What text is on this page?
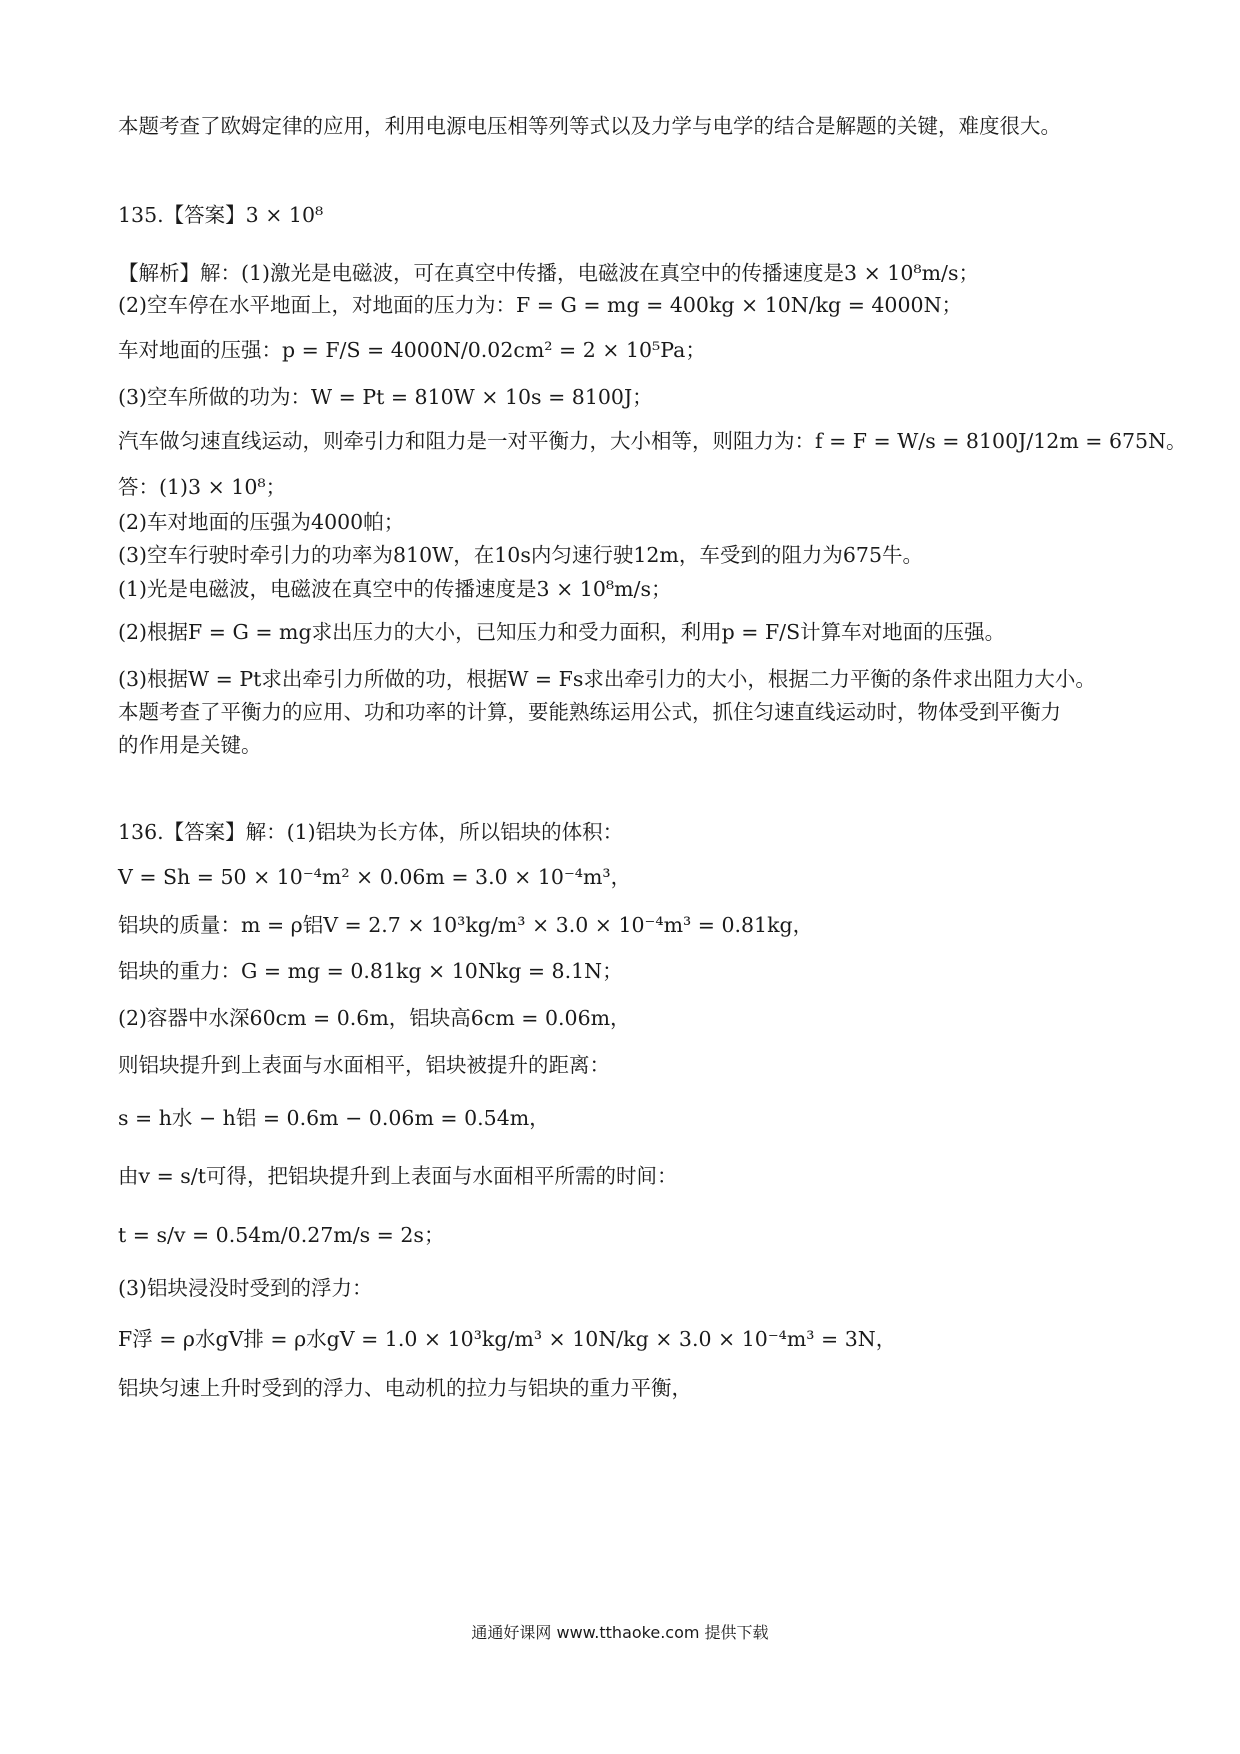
本题考查了欧姆定律的应用，利用电源电压相等列等式以及力学与电学的结合是解题的关键，难度很大。
135.【答案】3 × 10⁸
【解析】解：(1)激光是电磁波，可在真空中传播，电磁波在真空中的传播速度是3 × 10⁸m/s；
(2)空车停在水平地面上，对地面的压力为：F = G = mg = 400kg × 10N/kg = 4000N；
车对地面的压强：p = F/S = 4000N/0.02cm² = 2 × 10⁵Pa；
(3)空车所做的功为：W = Pt = 810W × 10s = 8100J；
汽车做匀速直线运动，则牵引力和阻力是一对平衡力，大小相等，则阻力为：f = F = W/s = 8100J/12m = 675N。
答：(1)3 × 10⁸；
(2)车对地面的压强为4000帕；
(3)空车行驶时牵引力的功率为810W，在10s内匀速行驶12m，车受到的阻力为675牛。
(1)光是电磁波，电磁波在真空中的传播速度是3 × 10⁸m/s；
(2)根据F = G = mg求出压力的大小，已知压力和受力面积，利用p = F/S计算车对地面的压强。
(3)根据W = Pt求出牵引力所做的功，根据W = Fs求出牵引力的大小，根据二力平衡的条件求出阻力大小。
本题考查了平衡力的应用、功和功率的计算，要能熟练运用公式，抓住匀速直线运动时，物体受到平衡力
的作用是关键。
136.【答案】解：(1)铝块为长方体，所以铝块的体积：
V = Sh = 50 × 10⁻⁴m² × 0.06m = 3.0 × 10⁻⁴m³，
铝块的质量：m = ρ铝V = 2.7 × 10³kg/m³ × 3.0 × 10⁻⁴m³ = 0.81kg，
铝块的重力：G = mg = 0.81kg × 10Nkg = 8.1N；
(2)容器中水深60cm = 0.6m，铝块高6cm = 0.06m，
则铝块提升到上表面与水面相平，铝块被提升的距离：
s = h水 − h铝 = 0.6m − 0.06m = 0.54m，
由v = s/t可得，把铝块提升到上表面与水面相平所需的时间：
t = s/v = 0.54m/0.27m/s = 2s；
(3)铝块浸没时受到的浮力：
F浮 = ρ水gV排 = ρ水gV = 1.0 × 10³kg/m³ × 10N/kg × 3.0 × 10⁻⁴m³ = 3N，
铝块匀速上升时受到的浮力、电动机的拉力与铝块的重力平衡，
通通好课网 www.tthaoke.com 提供下载
